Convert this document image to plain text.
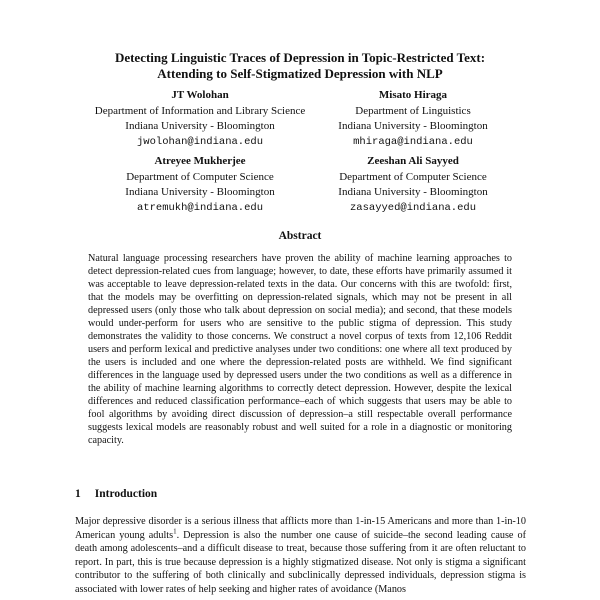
Detecting Linguistic Traces of Depression in Topic-Restricted Text:
Attending to Self-Stigmatized Depression with NLP
JT Wolohan
Department of Information and Library Science
Indiana University - Bloomington
jwolohan@indiana.edu
Misato Hiraga
Department of Linguistics
Indiana University - Bloomington
mhiraga@indiana.edu
Atreyee Mukherjee
Department of Computer Science
Indiana University - Bloomington
atremukh@indiana.edu
Zeeshan Ali Sayyed
Department of Computer Science
Indiana University - Bloomington
zasayyed@indiana.edu
Abstract
Natural language processing researchers have proven the ability of machine learning approaches to detect depression-related cues from language; however, to date, these efforts have primarily assumed it was acceptable to leave depression-related texts in the data. Our concerns with this are twofold: first, that the models may be overfitting on depression-related signals, which may not be present in all depressed users (only those who talk about depression on social media); and second, that these models would under-perform for users who are sensitive to the public stigma of depression. This study demonstrates the validity to those concerns. We construct a novel corpus of texts from 12,106 Reddit users and perform lexical and predictive analyses under two conditions: one where all text produced by the users is included and one where the depression-related posts are withheld. We find significant differences in the language used by depressed users under the two conditions as well as a difference in the ability of machine learning algorithms to correctly detect depression. However, despite the lexical differences and reduced classification performance–each of which suggests that users may be able to fool algorithms by avoiding direct discussion of depression–a still respectable overall performance suggests lexical models are reasonably robust and well suited for a role in a diagnostic or monitoring capacity.
1 Introduction
Major depressive disorder is a serious illness that afflicts more than 1-in-15 Americans and more than 1-in-10 American young adults$^1$. Depression is also the number one cause of suicide–the second leading cause of death among adolescents–and a difficult disease to treat, because those suffering from it are often reluctant to report. In part, this is true because depression is a highly stigmatized disease. Not only is stigma a significant contributor to the suffering of both clinically and subclinically depressed individuals, depression stigma is associated with lower rates of help seeking and higher rates of avoidance (Manos
